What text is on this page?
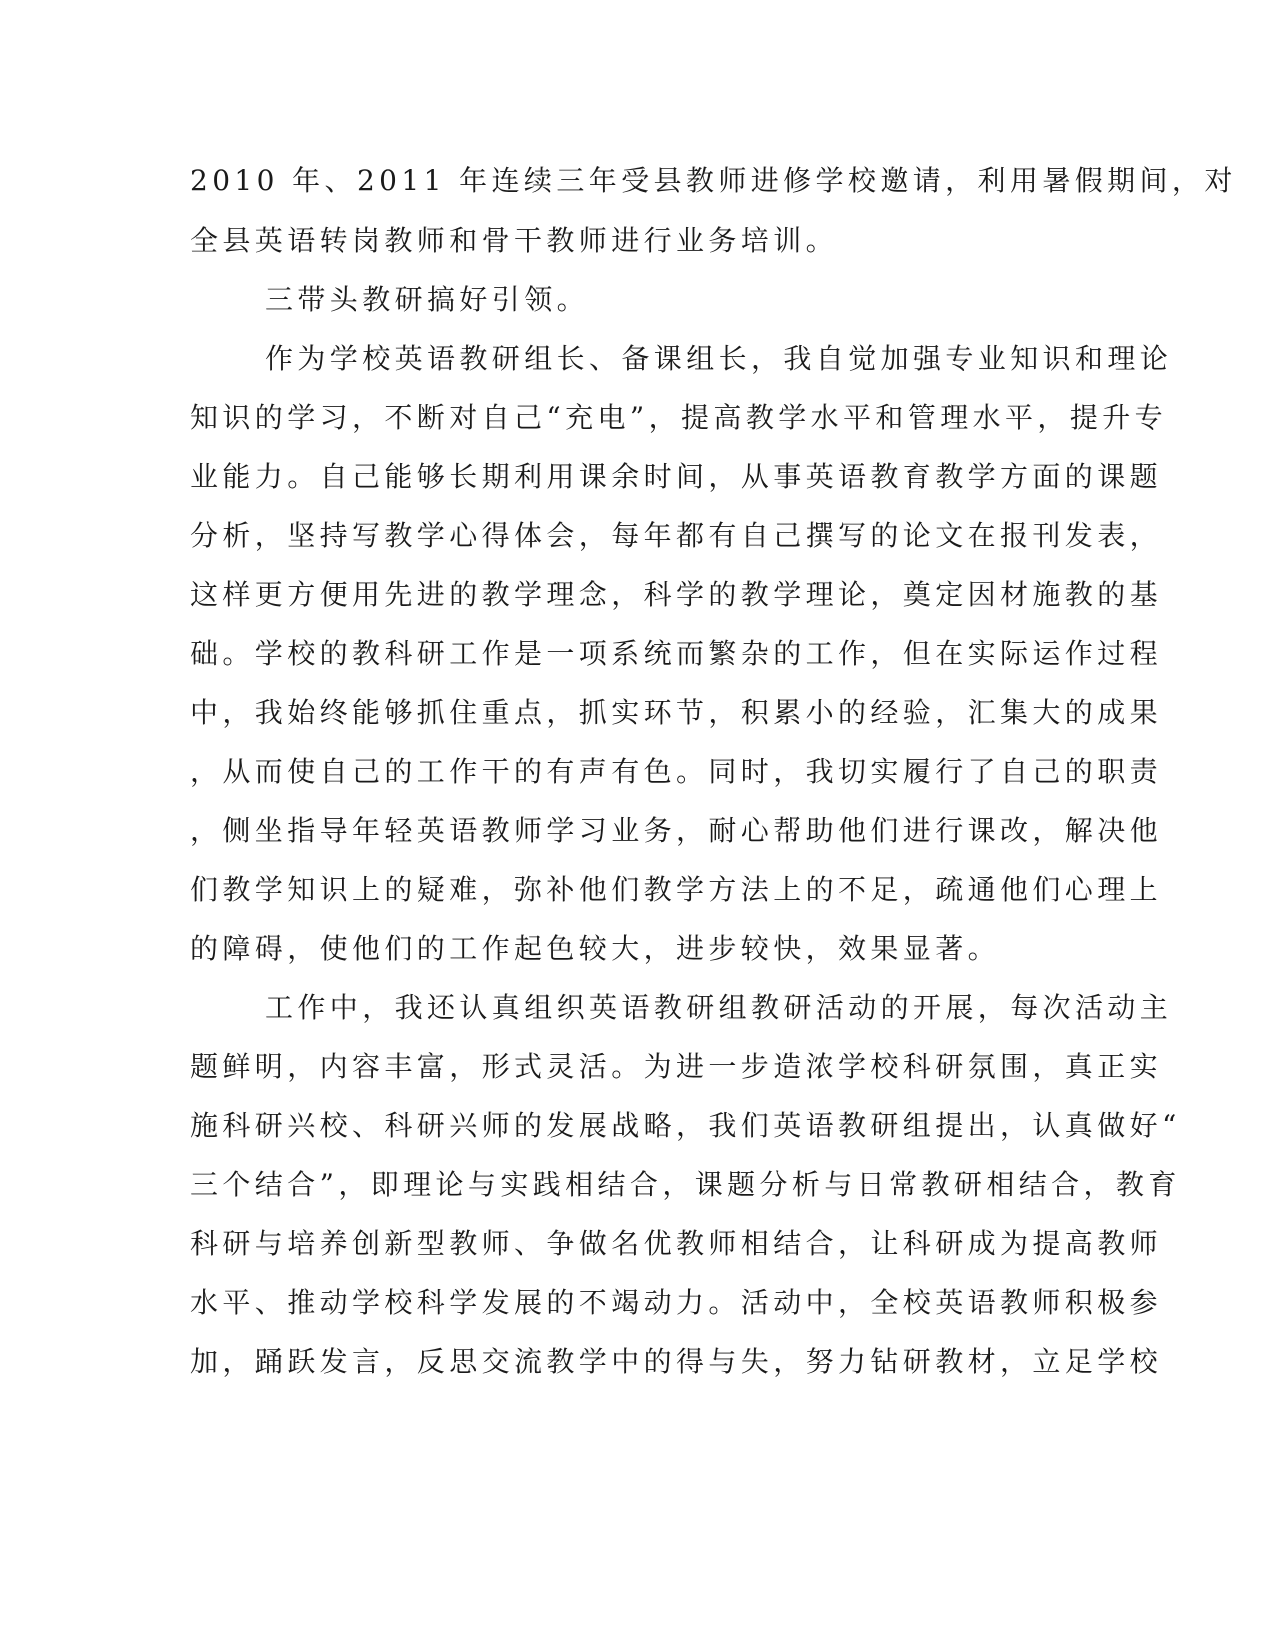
2010 年、2011 年连续三年受县教师进修学校邀请，利用暑假期间，对
全县英语转岗教师和骨干教师进行业务培训。
三带头教研搞好引领。
作为学校英语教研组长、备课组长，我自觉加强专业知识和理论
知识的学习，不断对自己“充电”，提高教学水平和管理水平，提升专
业能力。自己能够长期利用课余时间，从事英语教育教学方面的课题
分析，坚持写教学心得体会，每年都有自己撰写的论文在报刊发表，
这样更方便用先进的教学理念，科学的教学理论，奠定因材施教的基
础。学校的教科研工作是一项系统而繁杂的工作，但在实际运作过程
中，我始终能够抓住重点，抓实环节，积累小的经验，汇集大的成果
，从而使自己的工作干的有声有色。同时，我切实履行了自己的职责
，侧坐指导年轻英语教师学习业务，耐心帮助他们进行课改，解决他
们教学知识上的疑难，弥补他们教学方法上的不足，疏通他们心理上
的障碍，使他们的工作起色较大，进步较快，效果显著。
工作中，我还认真组织英语教研组教研活动的开展，每次活动主
题鲜明，内容丰富，形式灵活。为进一步造浓学校科研氛围，真正实
施科研兴校、科研兴师的发展战略，我们英语教研组提出，认真做好“
三个结合”，即理论与实践相结合，课题分析与日常教研相结合，教育
科研与培养创新型教师、争做名优教师相结合，让科研成为提高教师
水平、推动学校科学发展的不竭动力。活动中，全校英语教师积极参
加，踊跃发言，反思交流教学中的得与失，努力钻研教材，立足学校
